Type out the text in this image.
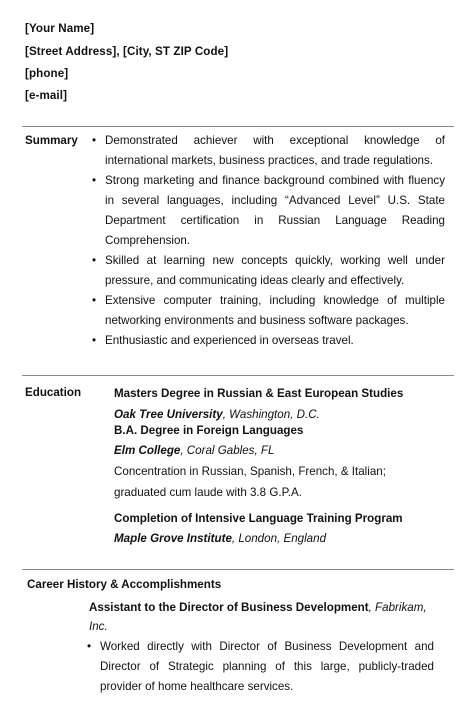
[Your Name]
[Street Address], [City, ST ZIP Code]
[phone]
[e-mail]
Summary • Demonstrated achiever with exceptional knowledge of international markets, business practices, and trade regulations.
• Strong marketing and finance background combined with fluency in several languages, including “Advanced Level” U.S. State Department certification in Russian Language Reading Comprehension.
• Skilled at learning new concepts quickly, working well under pressure, and communicating ideas clearly and effectively.
• Extensive computer training, including knowledge of multiple networking environments and business software packages.
• Enthusiastic and experienced in overseas travel.
Education	Masters Degree in Russian & East European Studies
Oak Tree University, Washington, D.C.
B.A. Degree in Foreign Languages
Elm College, Coral Gables, FL
Concentration in Russian, Spanish, French, & Italian;
graduated cum laude with 3.8 G.P.A.
Completion of Intensive Language Training Program
Maple Grove Institute, London, England
Career History & Accomplishments
Assistant to the Director of Business Development, Fabrikam,
Inc.
• Worked directly with Director of Business Development and Director of Strategic planning of this large, publicly-traded provider of home healthcare services.
